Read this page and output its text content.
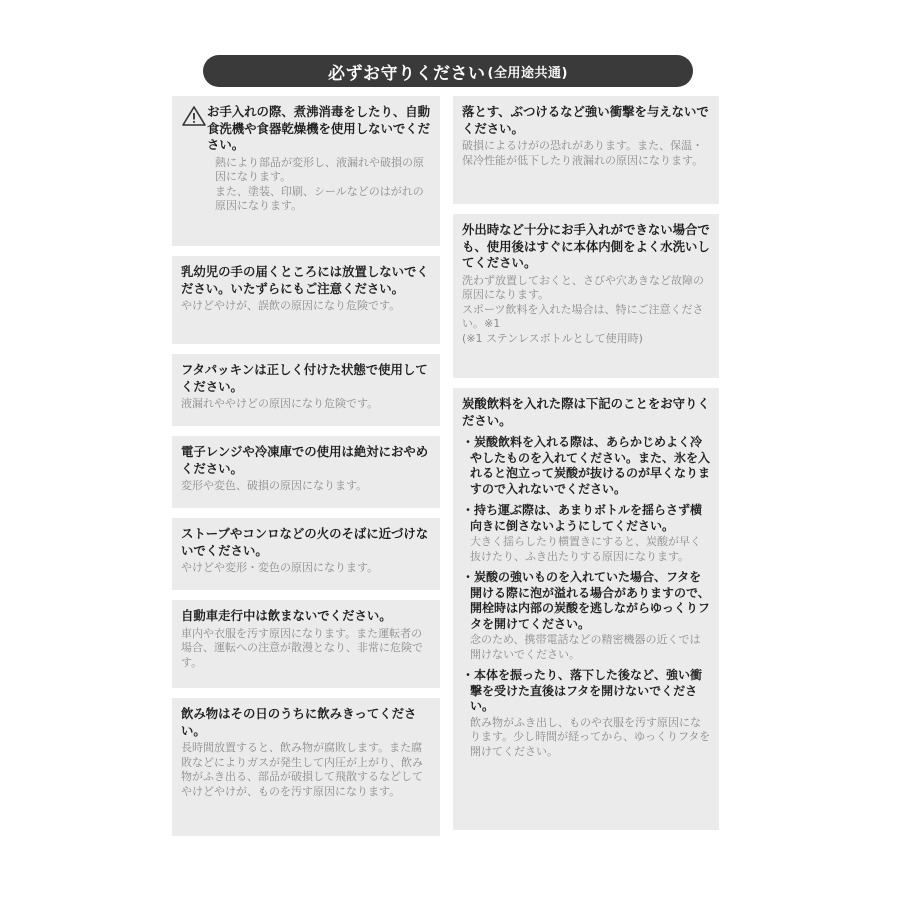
必ずお守りください (全用途共通)
お手入れの際、煮沸消毒をしたり、自動食洗機や食器乾燥機を使用しないでください。

熱により部品が変形し、液漏れや破損の原因になります。
また、塗装、印刷、シールなどのはがれの原因になります。

乳幼児の手の届くところには放置しないでください。いたずらにもご注意ください。

やけどやけが、誤飲の原因になり危険です。

フタパッキンは正しく付けた状態で使用してください。

液漏れややけどの原因になり危険です。

電子レンジや冷凍庫での使用は絶対におやめください。

変形や変色、破損の原因になります。

ストーブやコンロなどの火のそばに近づけないでください。

やけどや変形・変色の原因になります。

自動車走行中は飲まないでください。

車内や衣服を汚す原因になります。また運転者の場合、運転への注意が散漫となり、非常に危険です。

飲み物はその日のうちに飲みきってください。

長時間放置すると、飲み物が腐敗します。また腐敗などによりガスが発生して内圧が上がり、飲み物がふき出る、部品が破損して飛散するなどしてやけどやけが、ものを汚す原因になります。

落とす、ぶつけるなど強い衝撃を与えないでください。

破損によるけがの恐れがあります。また、保温・保冷性能が低下したり液漏れの原因になります。

外出時など十分にお手入れができない場合でも、使用後はすぐに本体内側をよく水洗いしてください。

洗わず放置しておくと、さびや穴あきなど故障の原因になります。
スポーツ飲料を入れた場合は、特にご注意ください。※1
(※1 ステンレスボトルとして使用時)

炭酸飲料を入れた際は下記のことをお守りください。
・炭酸飲料を入れる際は、あらかじめよく冷やしたものを入れてください。また、氷を入れると泡立って炭酸が抜けるのが早くなりますので入れないでください。
・持ち運ぶ際は、あまりボトルを揺らさず横向きに倒さないようにしてください。

大きく揺らしたり横置きにすると、炭酸が早く抜けたり、ふき出たりする原因になります。

・炭酸の強いものを入れていた場合、フタを開ける際に泡が溢れる場合がありますので、開栓時は内部の炭酸を逃しながらゆっくりフタを開けてください。

念のため、携帯電話などの精密機器の近くでは開けないでください。

・本体を振ったり、落下した後など、強い衝撃を受けた直後はフタを開けないでください。

飲み物がふき出し、ものや衣服を汚す原因になります。少し時間が経ってから、ゆっくりフタを開けてください。
